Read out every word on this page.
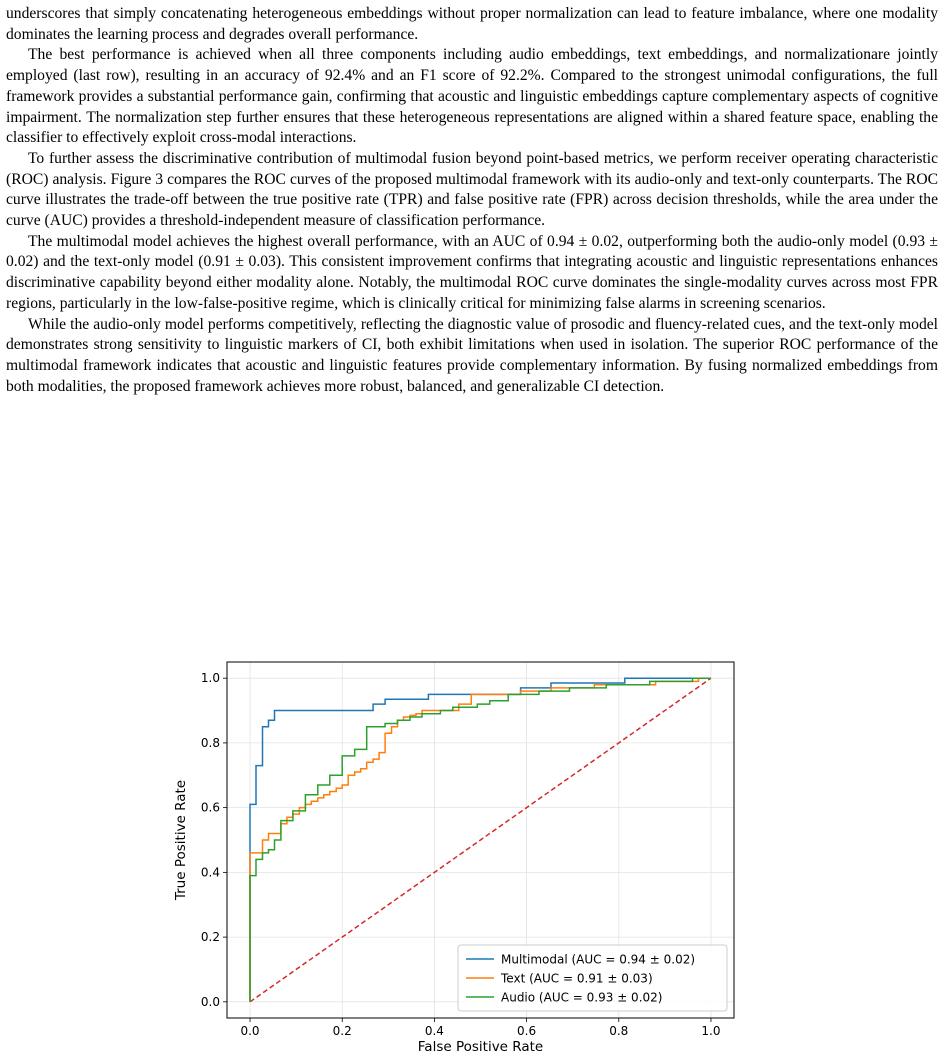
underscores that simply concatenating heterogeneous embeddings without proper normalization can lead to feature imbalance, where one modality dominates the learning process and degrades overall performance.

The best performance is achieved when all three components including audio embeddings, text embeddings, and normalizationare jointly employed (last row), resulting in an accuracy of 92.4% and an F1 score of 92.2%. Compared to the strongest unimodal configurations, the full framework provides a substantial performance gain, confirming that acoustic and linguistic embeddings capture complementary aspects of cognitive impairment. The normalization step further ensures that these heterogeneous representations are aligned within a shared feature space, enabling the classifier to effectively exploit cross-modal interactions.

To further assess the discriminative contribution of multimodal fusion beyond point-based metrics, we perform receiver operating characteristic (ROC) analysis. Figure 3 compares the ROC curves of the proposed multimodal framework with its audio-only and text-only counterparts. The ROC curve illustrates the trade-off between the true positive rate (TPR) and false positive rate (FPR) across decision thresholds, while the area under the curve (AUC) provides a threshold-independent measure of classification performance.

The multimodal model achieves the highest overall performance, with an AUC of 0.94 ± 0.02, outperforming both the audio-only model (0.93 ± 0.02) and the text-only model (0.91 ± 0.03). This consistent improvement confirms that integrating acoustic and linguistic representations enhances discriminative capability beyond either modality alone. Notably, the multimodal ROC curve dominates the single-modality curves across most FPR regions, particularly in the low-false-positive regime, which is clinically critical for minimizing false alarms in screening scenarios.

While the audio-only model performs competitively, reflecting the diagnostic value of prosodic and fluency-related cues, and the text-only model demonstrates strong sensitivity to linguistic markers of CI, both exhibit limitations when used in isolation. The superior ROC performance of the multimodal framework indicates that acoustic and linguistic features provide complementary information. By fusing normalized embeddings from both modalities, the proposed framework achieves more robust, balanced, and generalizable CI detection.

0.0	0.2	0.4	0.6	0.8	1.0
0.0
0.2
0.4
0.6
0.8
1.0
False Positive Rate
True Positive Rate
Multimodal (AUC = 0.94 ± 0.02)
Text (AUC = 0.91 ± 0.03)
Audio (AUC = 0.93 ± 0.02)
